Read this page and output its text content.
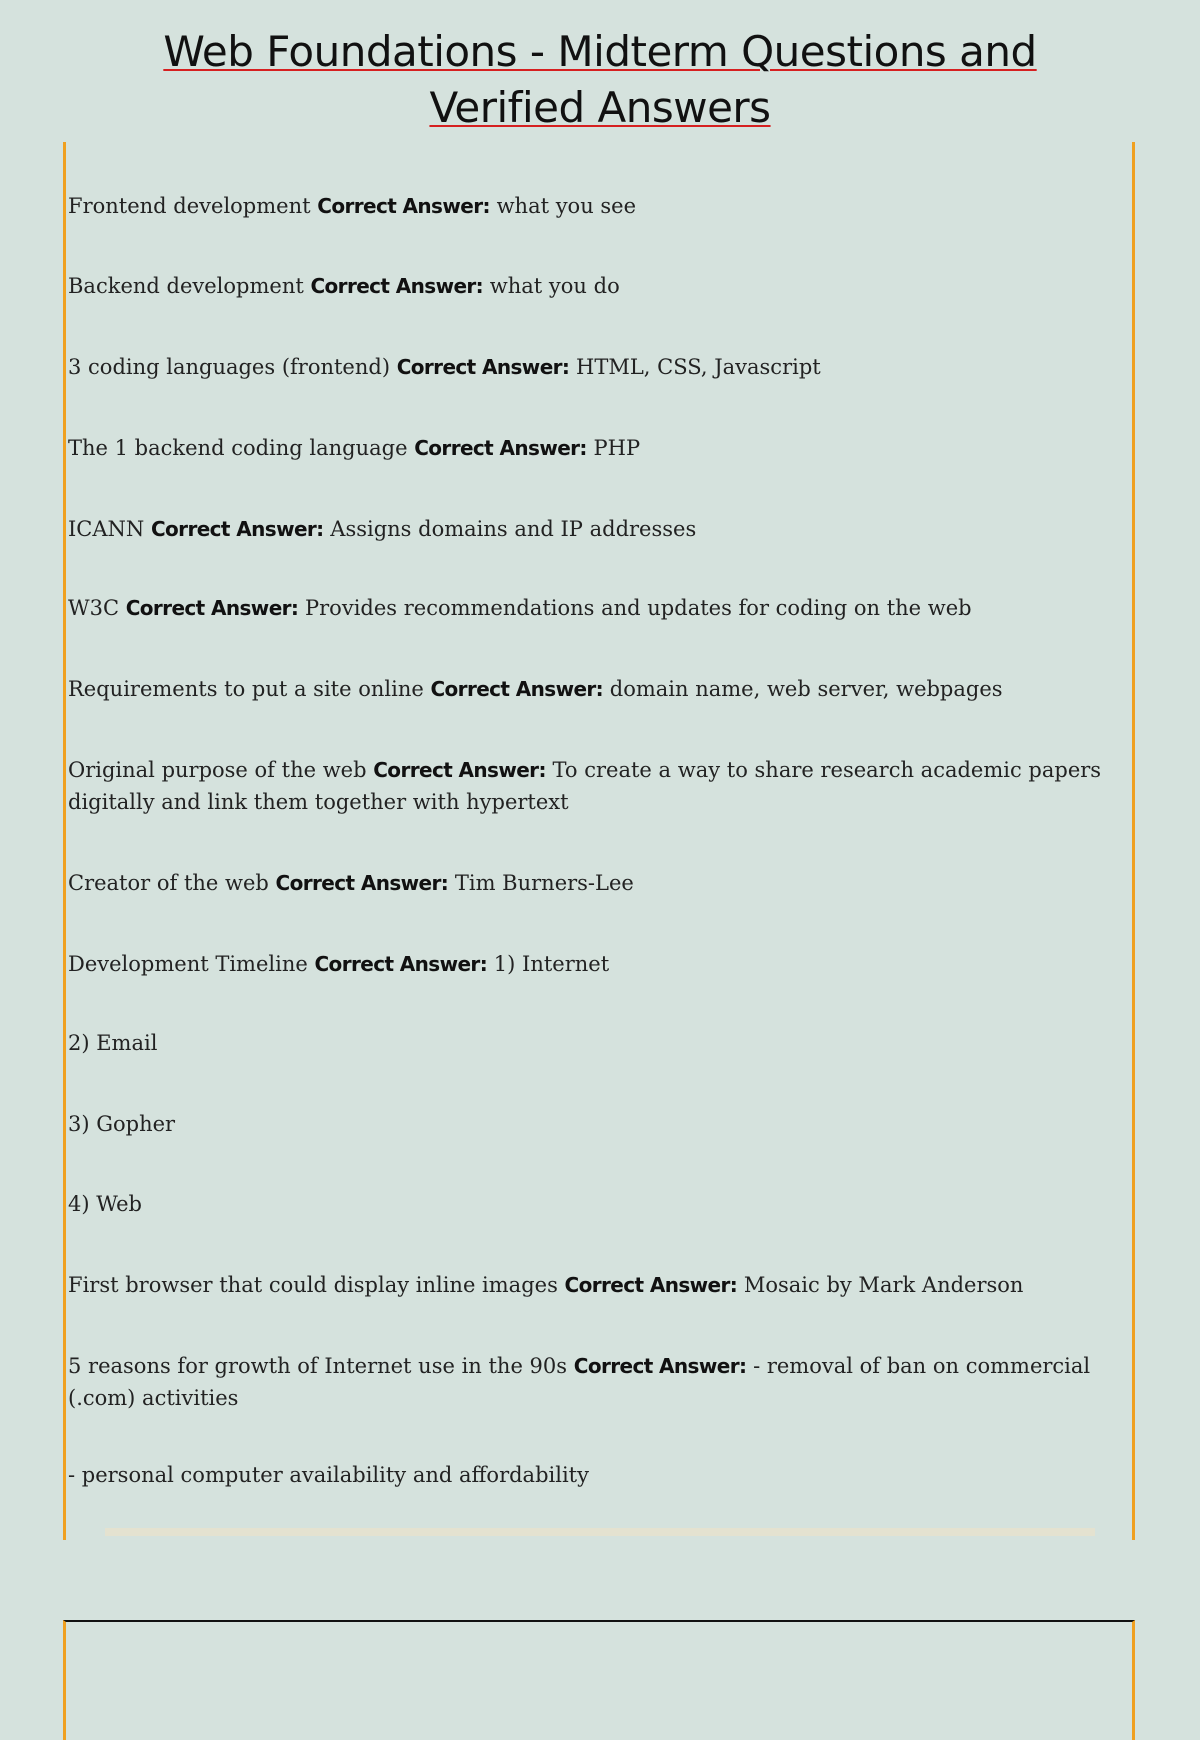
Web Foundations - Midterm Questions and
Verified Answers

Frontend development Correct Answer: what you see

Backend development Correct Answer: what you do

3 coding languages (frontend) Correct Answer: HTML, CSS, Javascript

The 1 backend coding language Correct Answer: PHP

ICANN Correct Answer: Assigns domains and IP addresses

W3C Correct Answer: Provides recommendations and updates for coding on the web

Requirements to put a site online Correct Answer: domain name, web server, webpages

Original purpose of the web Correct Answer: To create a way to share research academic papers digitally and link them together with hypertext

Creator of the web Correct Answer: Tim Burners-Lee

Development Timeline Correct Answer: 1) Internet

2) Email

3) Gopher

4) Web

First browser that could display inline images Correct Answer: Mosaic by Mark Anderson

5 reasons for growth of Internet use in the 90s Correct Answer: - removal of ban on commercial (.com) activities

- personal computer availability and affordability
